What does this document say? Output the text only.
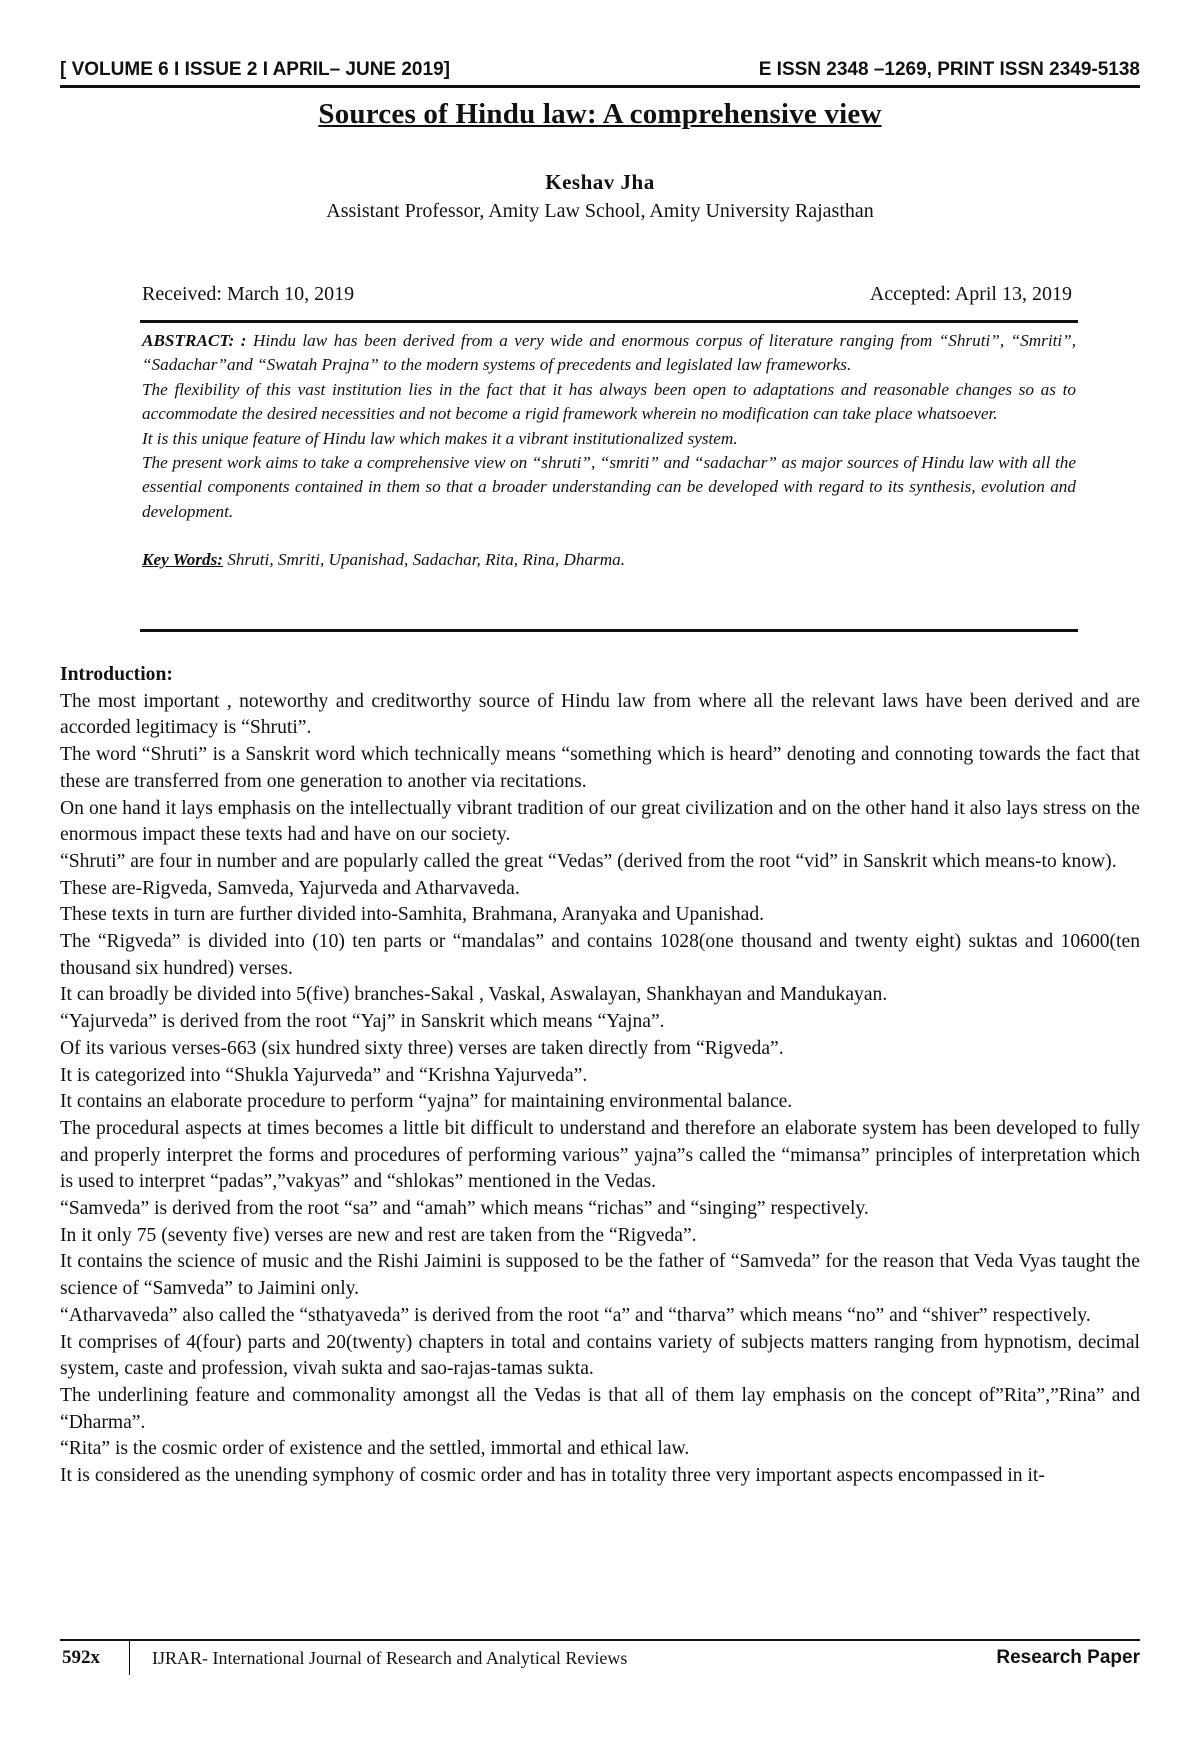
[ VOLUME 6 I ISSUE 2 I APRIL– JUNE 2019]	E ISSN 2348 –1269, PRINT ISSN 2349-5138
Sources of Hindu law: A comprehensive view
Keshav Jha
Assistant Professor, Amity Law School, Amity University Rajasthan
Received: March 10, 2019	Accepted: April 13, 2019

ABSTRACT: : Hindu law has been derived from a very wide and enormous corpus of literature ranging from “Shruti”, “Smriti”, “Sadachar”and “Swatah Prajna” to the modern systems of precedents and legislated law frameworks.

The flexibility of this vast institution lies in the fact that it has always been open to adaptations and reasonable changes so as to accommodate the desired necessities and not become a rigid framework wherein no modification can take place whatsoever.

It is this unique feature of Hindu law which makes it a vibrant institutionalized system.

The present work aims to take a comprehensive view on “shruti”, “smriti” and “sadachar” as major sources of Hindu law with all the essential components contained in them so that a broader understanding can be developed with regard to its synthesis, evolution and development.

Key Words: Shruti, Smriti, Upanishad, Sadachar, Rita, Rina, Dharma.

Introduction:

The most important , noteworthy and creditworthy source of Hindu law from where all the relevant laws have been derived and are accorded legitimacy is “Shruti”.

The word “Shruti” is a Sanskrit word which technically means “something which is heard” denoting and connoting towards the fact that these are transferred from one generation to another via recitations.

On one hand it lays emphasis on the intellectually vibrant tradition of our great civilization and on the other hand it also lays stress on the enormous impact these texts had and have on our society.

“Shruti” are four in number and are popularly called the great “Vedas” (derived from the root “vid” in Sanskrit which means-to know).

These are-Rigveda, Samveda, Yajurveda and Atharvaveda.

These texts in turn are further divided into-Samhita, Brahmana, Aranyaka and Upanishad.

The “Rigveda” is divided into (10) ten parts or “mandalas” and contains 1028(one thousand and twenty eight) suktas and 10600(ten thousand six hundred) verses.

It can broadly be divided into 5(five) branches-Sakal , Vaskal, Aswalayan, Shankhayan and Mandukayan.

“Yajurveda” is derived from the root “Yaj” in Sanskrit which means “Yajna”.

Of its various verses-663 (six hundred sixty three) verses are taken directly from “Rigveda”.

It is categorized into “Shukla Yajurveda” and “Krishna Yajurveda”.

It contains an elaborate procedure to perform “yajna” for maintaining environmental balance.

The procedural aspects at times becomes a little bit difficult to understand and therefore an elaborate system has been developed to fully and properly interpret the forms and procedures of performing various” yajna”s called the “mimansa” principles of interpretation which is used to interpret “padas”,”vakyas” and “shlokas” mentioned in the Vedas.

“Samveda” is derived from the root “sa” and “amah” which means “richas” and “singing” respectively.

In it only 75 (seventy five) verses are new and rest are taken from the “Rigveda”.

It contains the science of music and the Rishi Jaimini is supposed to be the father of “Samveda” for the reason that Veda Vyas taught the science of “Samveda” to Jaimini only.

“Atharvaveda” also called the “sthatyaveda” is derived from the root “a” and “tharva” which means “no” and “shiver” respectively.

It comprises of 4(four) parts and 20(twenty) chapters in total and contains variety of subjects matters ranging from hypnotism, decimal system, caste and profession, vivah sukta and sao-rajas-tamas sukta.

The underlining feature and commonality amongst all the Vedas is that all of them lay emphasis on the concept of”Rita”,”Rina” and “Dharma”.

“Rita” is the cosmic order of existence and the settled, immortal and ethical law.

It is considered as the unending symphony of cosmic order and has in totality three very important aspects encompassed in it-

592x	IJRAR- International Journal of Research and Analytical Reviews	Research Paper
